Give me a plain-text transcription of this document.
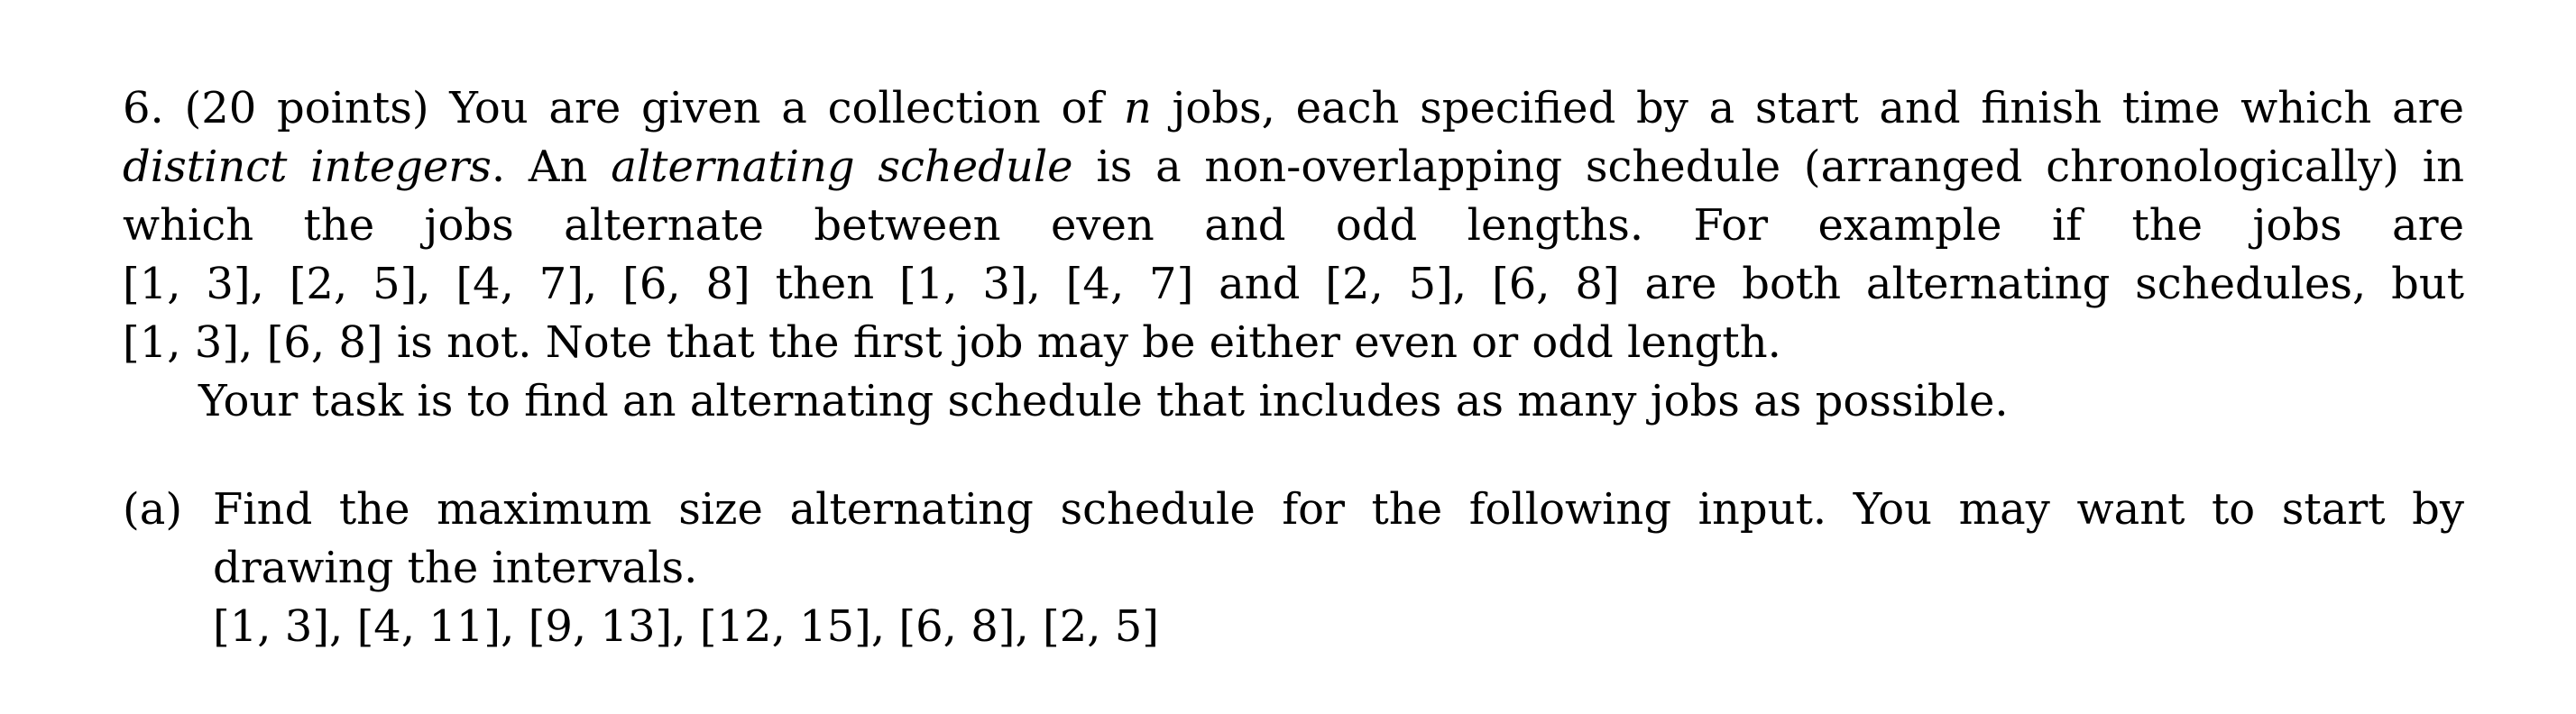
6. (20 points) You are given a collection of n jobs, each specified by a start and finish time which are distinct integers. An alternating schedule is a non-overlapping schedule (arranged chronologically) in which the jobs alternate between even and odd lengths. For example if the jobs are [1, 3], [2, 5], [4, 7], [6, 8] then [1, 3], [4, 7] and [2, 5], [6, 8] are both alternating schedules, but [1, 3], [6, 8] is not. Note that the first job may be either even or odd length.

Your task is to find an alternating schedule that includes as many jobs as possible.

(a) Find the maximum size alternating schedule for the following input. You may want to start by drawing the intervals.

[1, 3], [4, 11], [9, 13], [12, 15], [6, 8], [2, 5]
